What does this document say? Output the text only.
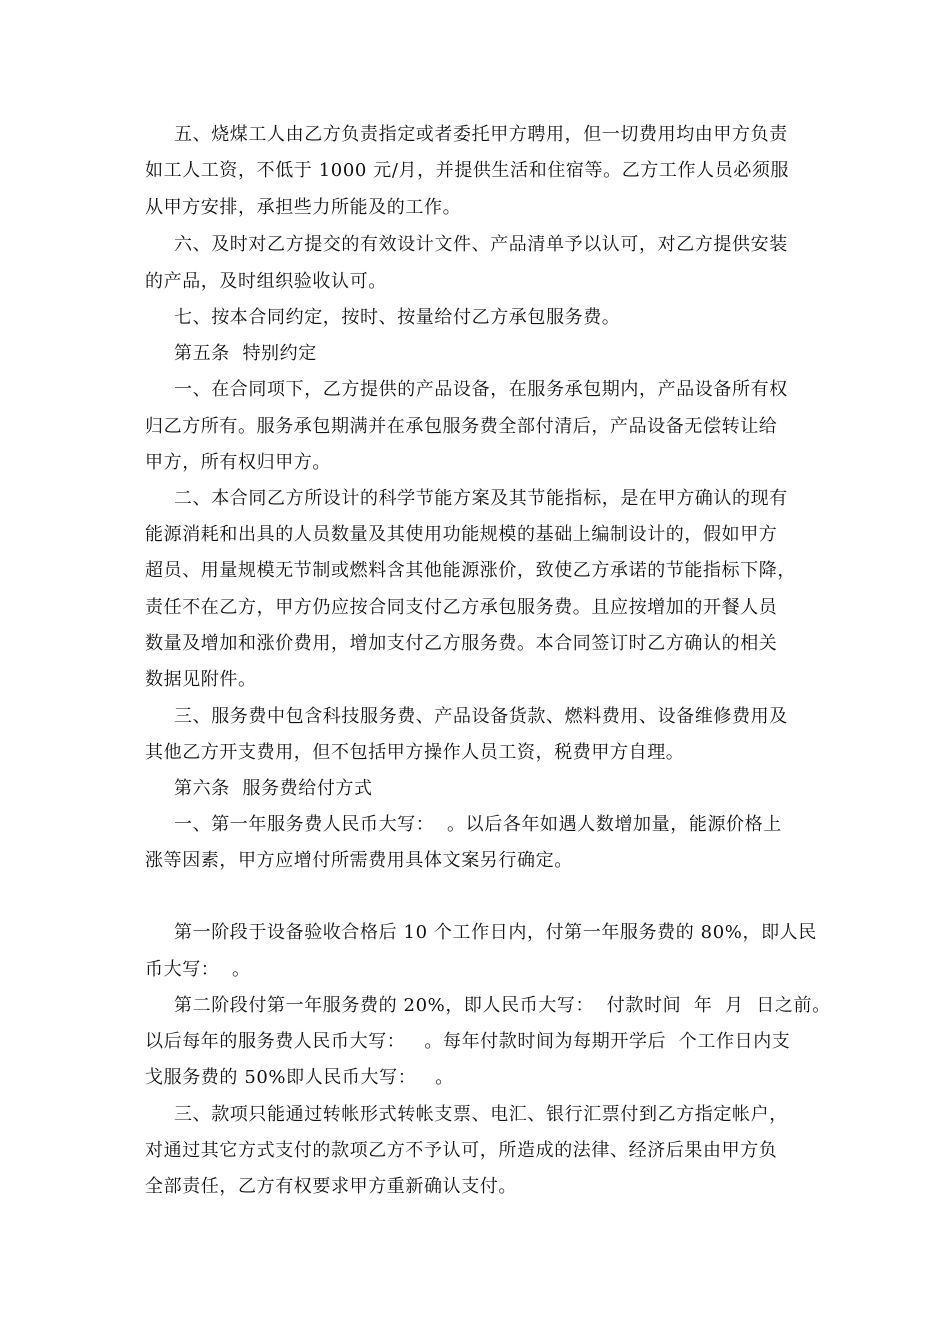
五、烧煤工人由乙方负责指定或者委托甲方聘用，但一切费用均由甲方负责
如工人工资，不低于 1000 元/月，并提供生活和住宿等。乙方工作人员必须服
从甲方安排，承担些力所能及的工作。
六、及时对乙方提交的有效设计文件、产品清单予以认可，对乙方提供安装
的产品，及时组织验收认可。
七、按本合同约定，按时、按量给付乙方承包服务费。
第五条  特别约定
一、在合同项下，乙方提供的产品设备，在服务承包期内，产品设备所有权
归乙方所有。服务承包期满并在承包服务费全部付清后，产品设备无偿转让给
甲方，所有权归甲方。
二、本合同乙方所设计的科学节能方案及其节能指标，是在甲方确认的现有
能源消耗和出具的人员数量及其使用功能规模的基础上编制设计的，假如甲方
超员、用量规模无节制或燃料含其他能源涨价，致使乙方承诺的节能指标下降，
责任不在乙方，甲方仍应按合同支付乙方承包服务费。且应按增加的开餐人员
数量及增加和涨价费用，增加支付乙方服务费。本合同签订时乙方确认的相关
数据见附件。
三、服务费中包含科技服务费、产品设备货款、燃料费用、设备维修费用及
其他乙方开支费用，但不包括甲方操作人员工资，税费甲方自理。
第六条  服务费给付方式
一、第一年服务费人民币大写：  。以后各年如遇人数增加量，能源价格上
涨等因素，甲方应增付所需费用具体文案另行确定。
第一阶段于设备验收合格后 10 个工作日内，付第一年服务费的 80%，即人民
币大写：  。
第二阶段付第一年服务费的 20%，即人民币大写：  付款时间  年  月  日之前。
以后每年的服务费人民币大写：   。每年付款时间为每期开学后  个工作日内支
戈服务费的 50%即人民币大写：   。
三、款项只能通过转帐形式转帐支票、电汇、银行汇票付到乙方指定帐户，
对通过其它方式支付的款项乙方不予认可，所造成的法律、经济后果由甲方负
全部责任，乙方有权要求甲方重新确认支付。
